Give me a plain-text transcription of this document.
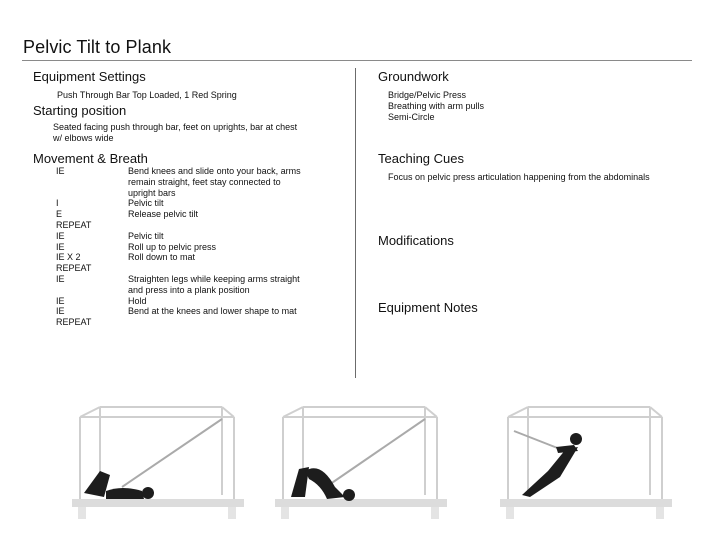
Pelvic Tilt to Plank
Equipment Settings
Push Through Bar Top Loaded, 1 Red Spring
Starting position
Seated facing push through bar, feet on uprights, bar at chest
w/ elbows wide
Movement & Breath
IE
I
E
REPEAT
IE
IE
IE X 2
REPEAT
IE
IE
IE
REPEAT
Bend knees and slide onto your back, arms
remain straight, feet stay connected to
upright bars
Pelvic tilt
Release pelvic tilt
Pelvic tilt
Roll up to pelvic press
Roll down to mat
Straighten legs while keeping arms straight
and press into a plank position
Hold
Bend at the knees and lower shape to mat
Groundwork
Bridge/Pelvic Press
Breathing with arm pulls
Semi-Circle
Teaching Cues
Focus on pelvic press articulation happening from the abdominals
Modifications
Equipment Notes
